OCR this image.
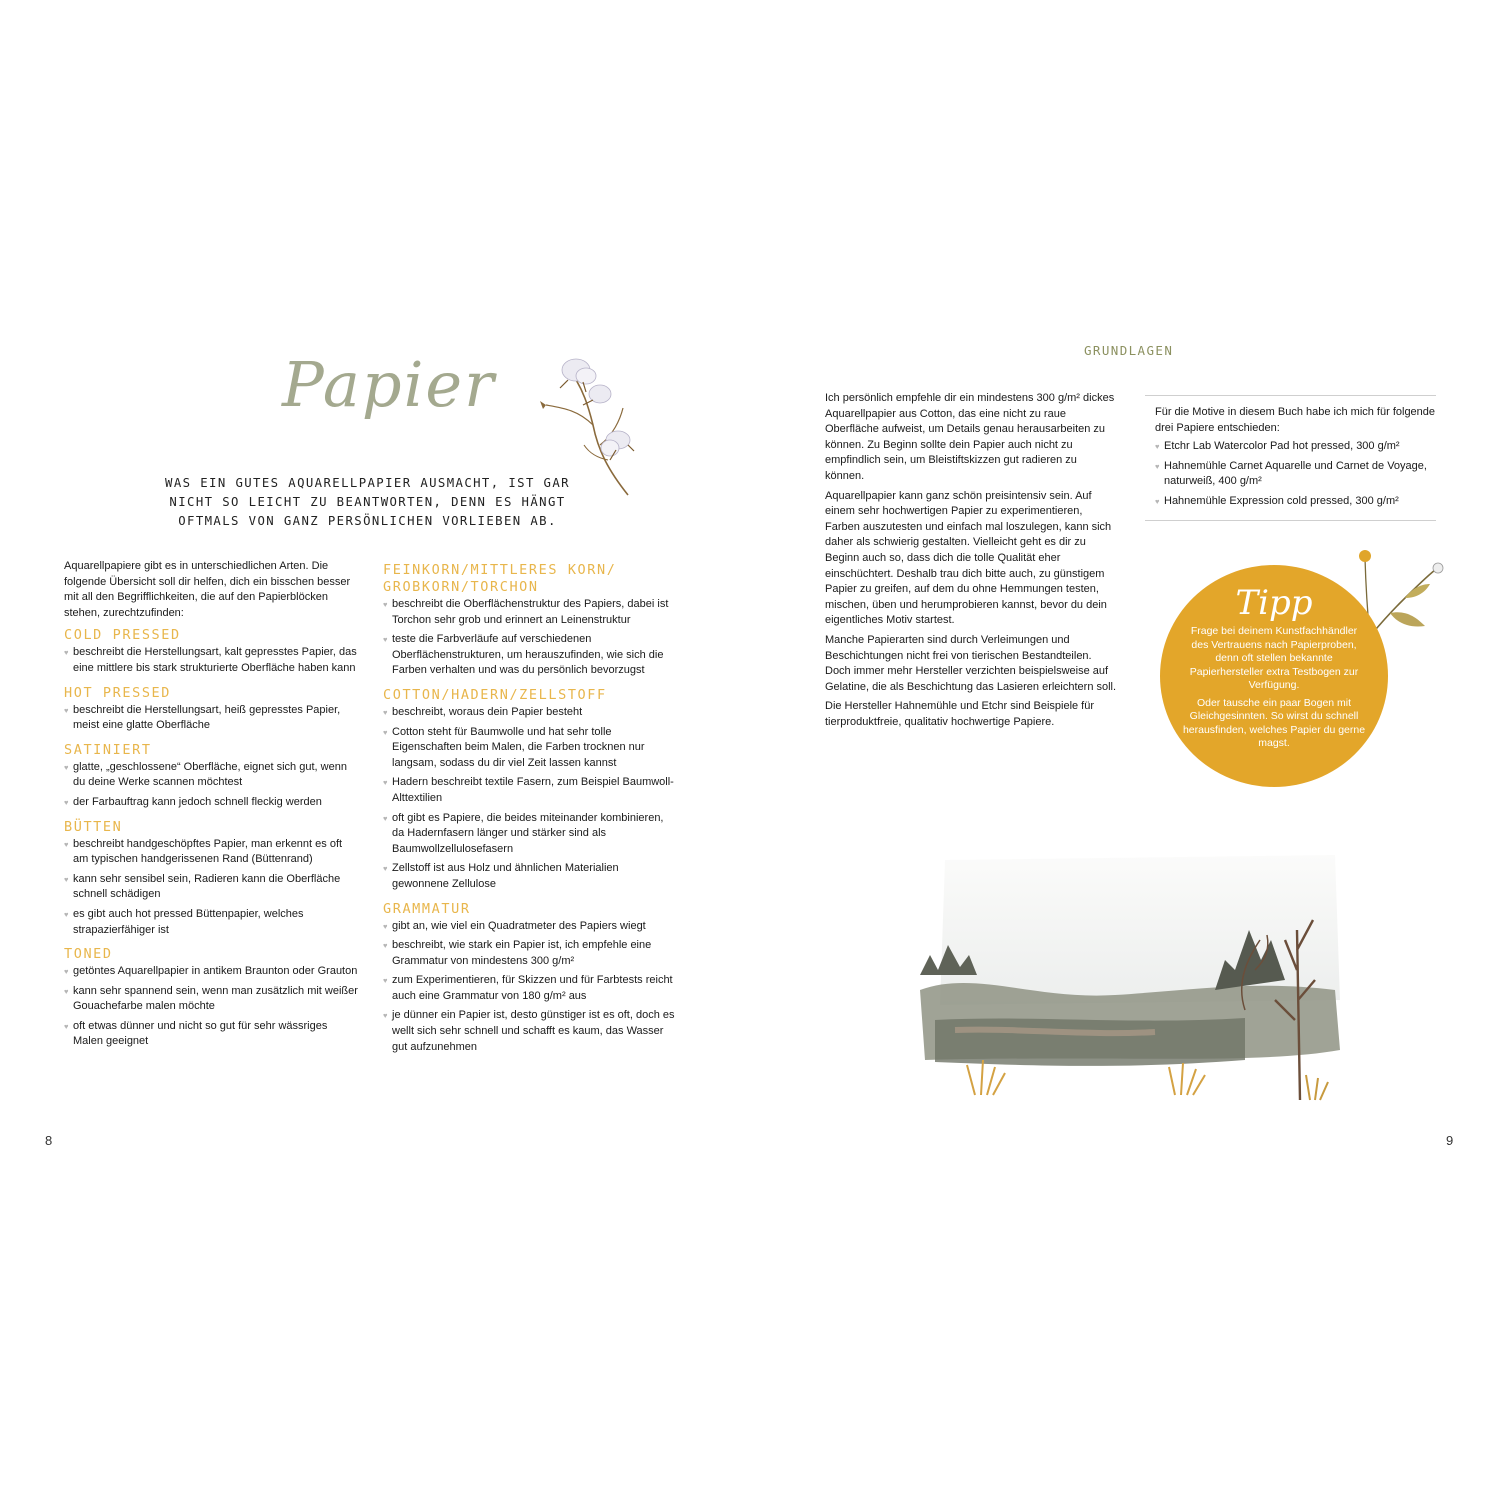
GRUNDLAGEN
Papier
WAS EIN GUTES AQUARELLPAPIER AUSMACHT, IST GAR
NICHT SO LEICHT ZU BEANTWORTEN, DENN ES HÄNGT
OFTMALS VON GANZ PERSÖNLICHEN VORLIEBEN AB.

Aquarellpapiere gibt es in unterschiedlichen Arten. Die folgende Übersicht soll dir helfen, dich ein bisschen besser mit all den Begrifflichkeiten, die auf den Papierblöcken stehen, zurechtzufinden:

COLD PRESSED
♥ beschreibt die Herstellungsart, kalt gepresstes Papier, das eine mittlere bis stark strukturierte Oberfläche haben kann
HOT PRESSED
♥ beschreibt die Herstellungsart, heiß gepresstes Papier, meist eine glatte Oberfläche
SATINIERT
♥ glatte, „geschlossene“ Oberfläche, eignet sich gut, wenn du deine Werke scannen möchtest
♥ der Farbauftrag kann jedoch schnell fleckig werden
BÜTTEN
♥ beschreibt handgeschöpftes Papier, man erkennt es oft am typischen handgerissenen Rand (Büttenrand)
♥ kann sehr sensibel sein, Radieren kann die Oberfläche schnell schädigen
♥ es gibt auch hot pressed Büttenpapier, welches strapazierfähiger ist
TONED
♥ getöntes Aquarellpapier in antikem Braunton oder Grauton
♥ kann sehr spannend sein, wenn man zusätzlich mit weißer Gouachefarbe malen möchte
♥ oft etwas dünner und nicht so gut für sehr wässriges Malen geeignet
FEINKORN/MITTLERES KORN/ GROBKORN/TORCHON
♥ beschreibt die Oberflächenstruktur des Papiers, dabei ist Torchon sehr grob und erinnert an Leinenstruktur
♥ teste die Farbverläufe auf verschiedenen Oberflächenstrukturen, um herauszufinden, wie sich die Farben verhalten und was du persönlich bevorzugst
COTTON/HADERN/ZELLSTOFF
♥ beschreibt, woraus dein Papier besteht
♥ Cotton steht für Baumwolle und hat sehr tolle Eigenschaften beim Malen, die Farben trocknen nur langsam, sodass du dir viel Zeit lassen kannst
♥ Hadern beschreibt textile Fasern, zum Beispiel Baumwoll-Alttextilien
♥ oft gibt es Papiere, die beides miteinander kombinieren, da Hadernfasern länger und stärker sind als Baumwollzellulosefasern
♥ Zellstoff ist aus Holz und ähnlichen Materialien gewonnene Zellulose
GRAMMATUR
♥ gibt an, wie viel ein Quadratmeter des Papiers wiegt
♥ beschreibt, wie stark ein Papier ist, ich empfehle eine Grammatur von mindestens 300 g/m²
♥ zum Experimentieren, für Skizzen und für Farbtests reicht auch eine Grammatur von 180 g/m² aus
♥ je dünner ein Papier ist, desto günstiger ist es oft, doch es wellt sich sehr schnell und schafft es kaum, das Wasser gut aufzunehmen

Ich persönlich empfehle dir ein mindestens 300 g/m² dickes Aquarellpapier aus Cotton, das eine nicht zu raue Oberfläche aufweist, um Details genau herausarbeiten zu können. Zu Beginn sollte dein Papier auch nicht zu empfindlich sein, um Bleistiftskizzen gut radieren zu können.

Aquarellpapier kann ganz schön preisintensiv sein. Auf einem sehr hochwertigen Papier zu experimentieren, Farben auszutesten und einfach mal loszulegen, kann sich daher als schwierig gestalten. Vielleicht geht es dir zu Beginn auch so, dass dich die tolle Qualität eher einschüchtert. Deshalb trau dich bitte auch, zu günstigem Papier zu greifen, auf dem du ohne Hemmungen testen, mischen, üben und herumprobieren kannst, bevor du dein eigentliches Motiv startest.

Manche Papierarten sind durch Verleimungen und Beschichtungen nicht frei von tierischen Bestandteilen. Doch immer mehr Hersteller verzichten beispielsweise auf Gelatine, die als Beschichtung das Lasieren erleichtern soll.

Die Hersteller Hahnemühle und Etchr sind Beispiele für tierproduktfreie, qualitativ hochwertige Papiere.

Für die Motive in diesem Buch habe ich mich für folgende drei Papiere entschieden:

♥ Etchr Lab Watercolor Pad hot pressed, 300 g/m²
♥ Hahnemühle Carnet Aquarelle und Carnet de Voyage, naturweiß, 400 g/m²
♥ Hahnemühle Expression cold pressed, 300 g/m²
Tipp

Frage bei deinem Kunstfachhändler des Vertrauens nach Papierproben, denn oft stellen bekannte Papierhersteller extra Testbogen zur Verfügung.

Oder tausche ein paar Bogen mit Gleichgesinnten. So wirst du schnell herausfinden, welches Papier du gerne magst.

8	9
